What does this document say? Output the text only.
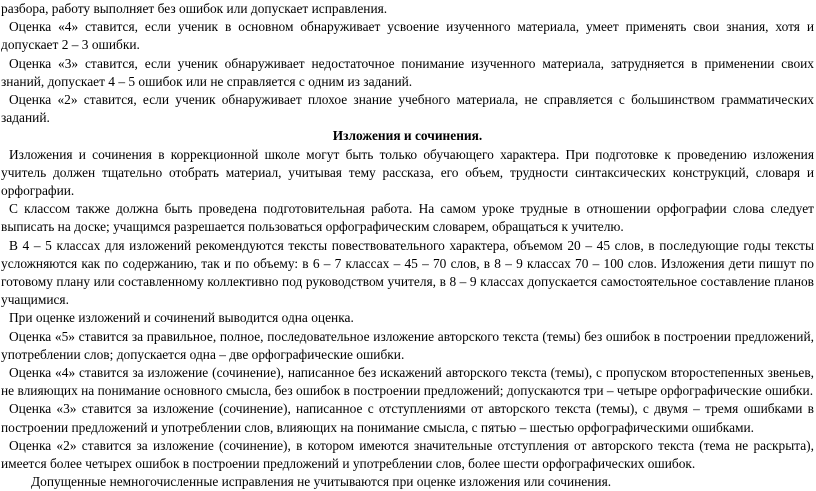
разбора, работу выполняет без ошибок или допускает исправления.

Оценка «4» ставится, если ученик в основном обнаруживает усвоение изученного материала, умеет применять свои знания, хотя и допускает 2 – 3 ошибки.

Оценка «3» ставится, если ученик обнаруживает недостаточное понимание изученного материала, затрудняется в применении своих знаний, допускает 4 – 5 ошибок или не справляется с одним из заданий.

Оценка «2» ставится, если ученик обнаруживает плохое знание учебного материала, не справляется с большинством грамматических заданий.

Изложения и сочинения.

Изложения и сочинения в коррекционной школе могут быть только обучающего характера. При подготовке к проведению изложения учитель должен тщательно отобрать материал, учитывая тему рассказа, его объем, трудности синтаксических конструкций, словаря и орфографии.

С классом также должна быть проведена подготовительная работа. На самом уроке трудные в отношении орфографии слова следует выписать на доске; учащимся разрешается пользоваться орфографическим словарем, обращаться к учителю.

В 4 – 5 классах для изложений рекомендуются тексты повествовательного характера, объемом 20 – 45 слов, в последующие годы тексты усложняются как по содержанию, так и по объему: в 6 – 7 классах – 45 – 70 слов, в 8 – 9 классах 70 – 100 слов. Изложения дети пишут по готовому плану или составленному коллективно под руководством учителя, в 8 – 9 классах допускается самостоятельное составление планов учащимися.

При оценке изложений и сочинений выводится одна оценка.

Оценка «5» ставится за правильное, полное, последовательное изложение авторского текста (темы) без ошибок в построении предложений, употреблении слов; допускается одна – две орфографические ошибки.

Оценка «4» ставится за изложение (сочинение), написанное без искажений авторского текста (темы), с пропуском второстепенных звеньев, не влияющих на понимание основного смысла, без ошибок в построении предложений; допускаются три – четыре орфографические ошибки.

Оценка «3» ставится за изложение (сочинение), написанное с отступлениями от авторского текста (темы), с двумя – тремя ошибками в построении предложений и употреблении слов, влияющих на понимание смысла, с пятью – шестью орфографическими ошибками.

Оценка «2» ставится за изложение (сочинение), в котором имеются значительные отступления от авторского текста (тема не раскрыта), имеется более четырех ошибок в построении предложений и употреблении слов, более шести орфографических ошибок.

Допущенные немногочисленные исправления не учитываются при оценке изложения или сочинения.
